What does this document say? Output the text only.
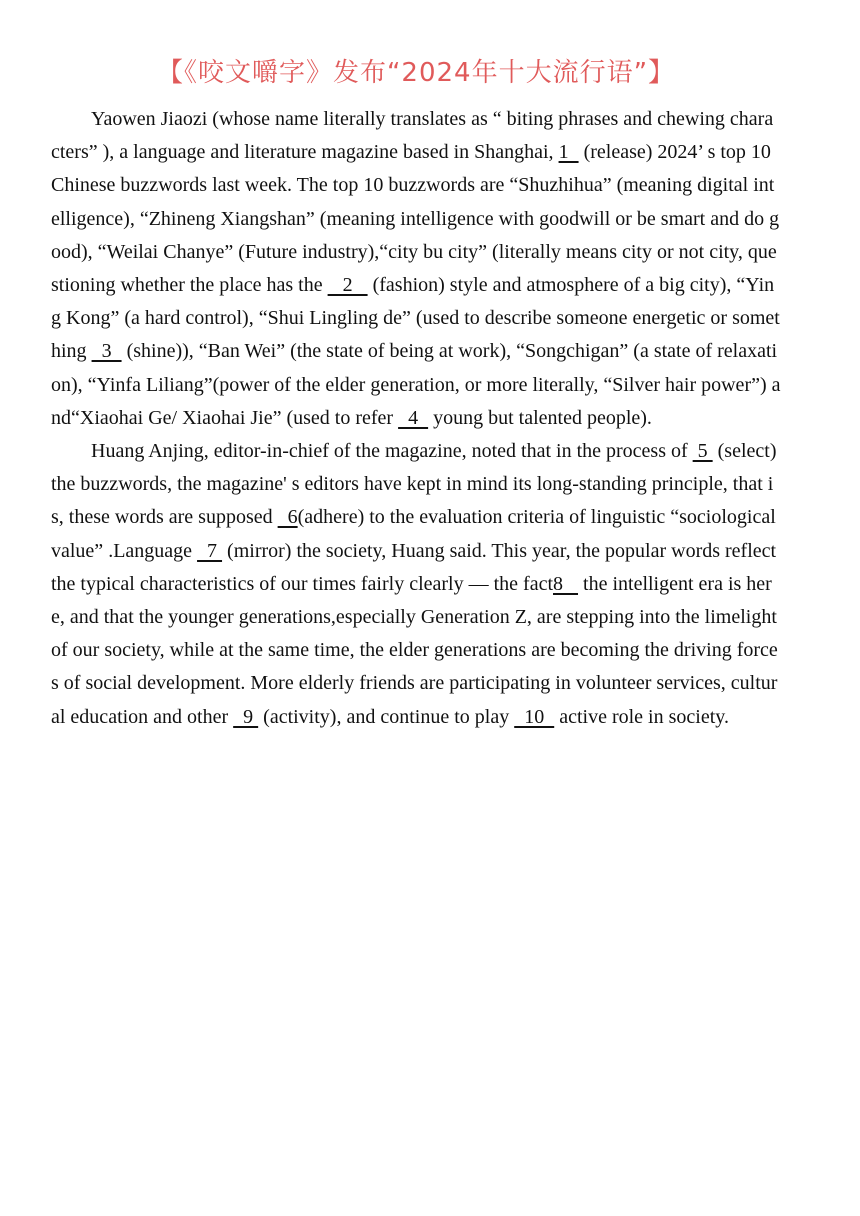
【《咬文嚼字》发布“2024年十大流行语”】

Yaowen Jiaozi (whose name literally translates as “ biting phrases and chewing characters” ), a language and literature magazine based in Shanghai, 1   (release) 2024’ s top 10 Chinese buzzwords last week. The top 10 buzzwords are “Shuzhihua” (meaning digital intelligence), “Zhineng Xiangshan” (meaning intelligence with goodwill or be smart and do good), “Weilai Chanye” (Future industry),“city bu city” (literally means city or not city, questioning whether the place has the    2    (fashion) style and atmosphere of a big city), “Ying Kong” (a hard control), “Shui Lingling de” (used to describe someone energetic or something   3   (shine)), “Ban Wei” (the state of being at work), “Songchigan” (a state of relaxation), “Yinfa Liliang”(power of the elder generation, or more literally, “Silver hair power”) and“Xiaohai Ge/ Xiaohai Jie” (used to refer   4   young but talented people).

Huang Anjing, editor-in-chief of the magazine, noted that in the process of  5  (select) the buzzwords, the magazine' s editors have kept in mind its long-standing principle, that is, these words are supposed   6(adhere) to the evaluation criteria of linguistic “sociological value” .Language   7  (mirror) the society, Huang said. This year, the popular words reflect the typical characteristics of our times fairly clearly — the fact8    the intelligent era is here, and that the younger generations,especially Generation Z, are stepping into the limelight of our society, while at the same time, the elder generations are becoming the driving forces of social development. More elderly friends are participating in volunteer services, cultural education and other   9  (activity), and continue to play   10   active role in society.
